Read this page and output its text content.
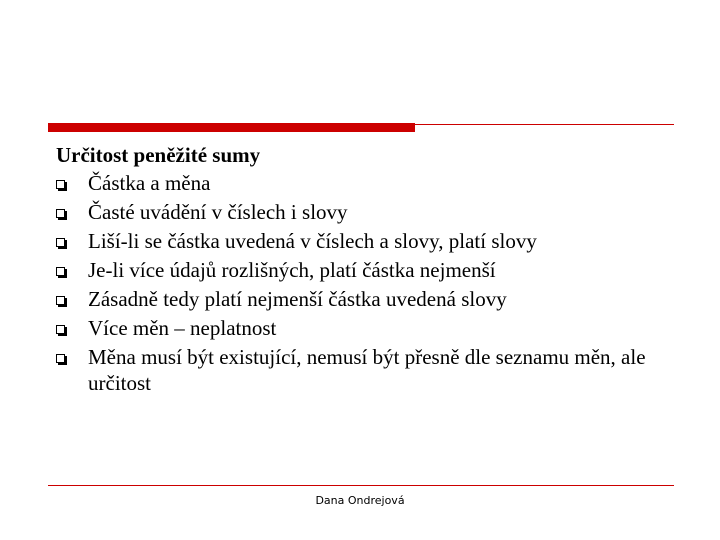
Určitost peněžité sumy
Částka a měna
Časté uvádění v číslech i slovy
Liší-li se částka uvedená v číslech a slovy, platí slovy
Je-li více údajů rozlišných, platí částka nejmenší
Zásadně tedy platí nejmenší částka uvedená slovy
Více měn – neplatnost
Měna musí být existující, nemusí být přesně dle seznamu měn, ale určitost
Dana Ondrejová
